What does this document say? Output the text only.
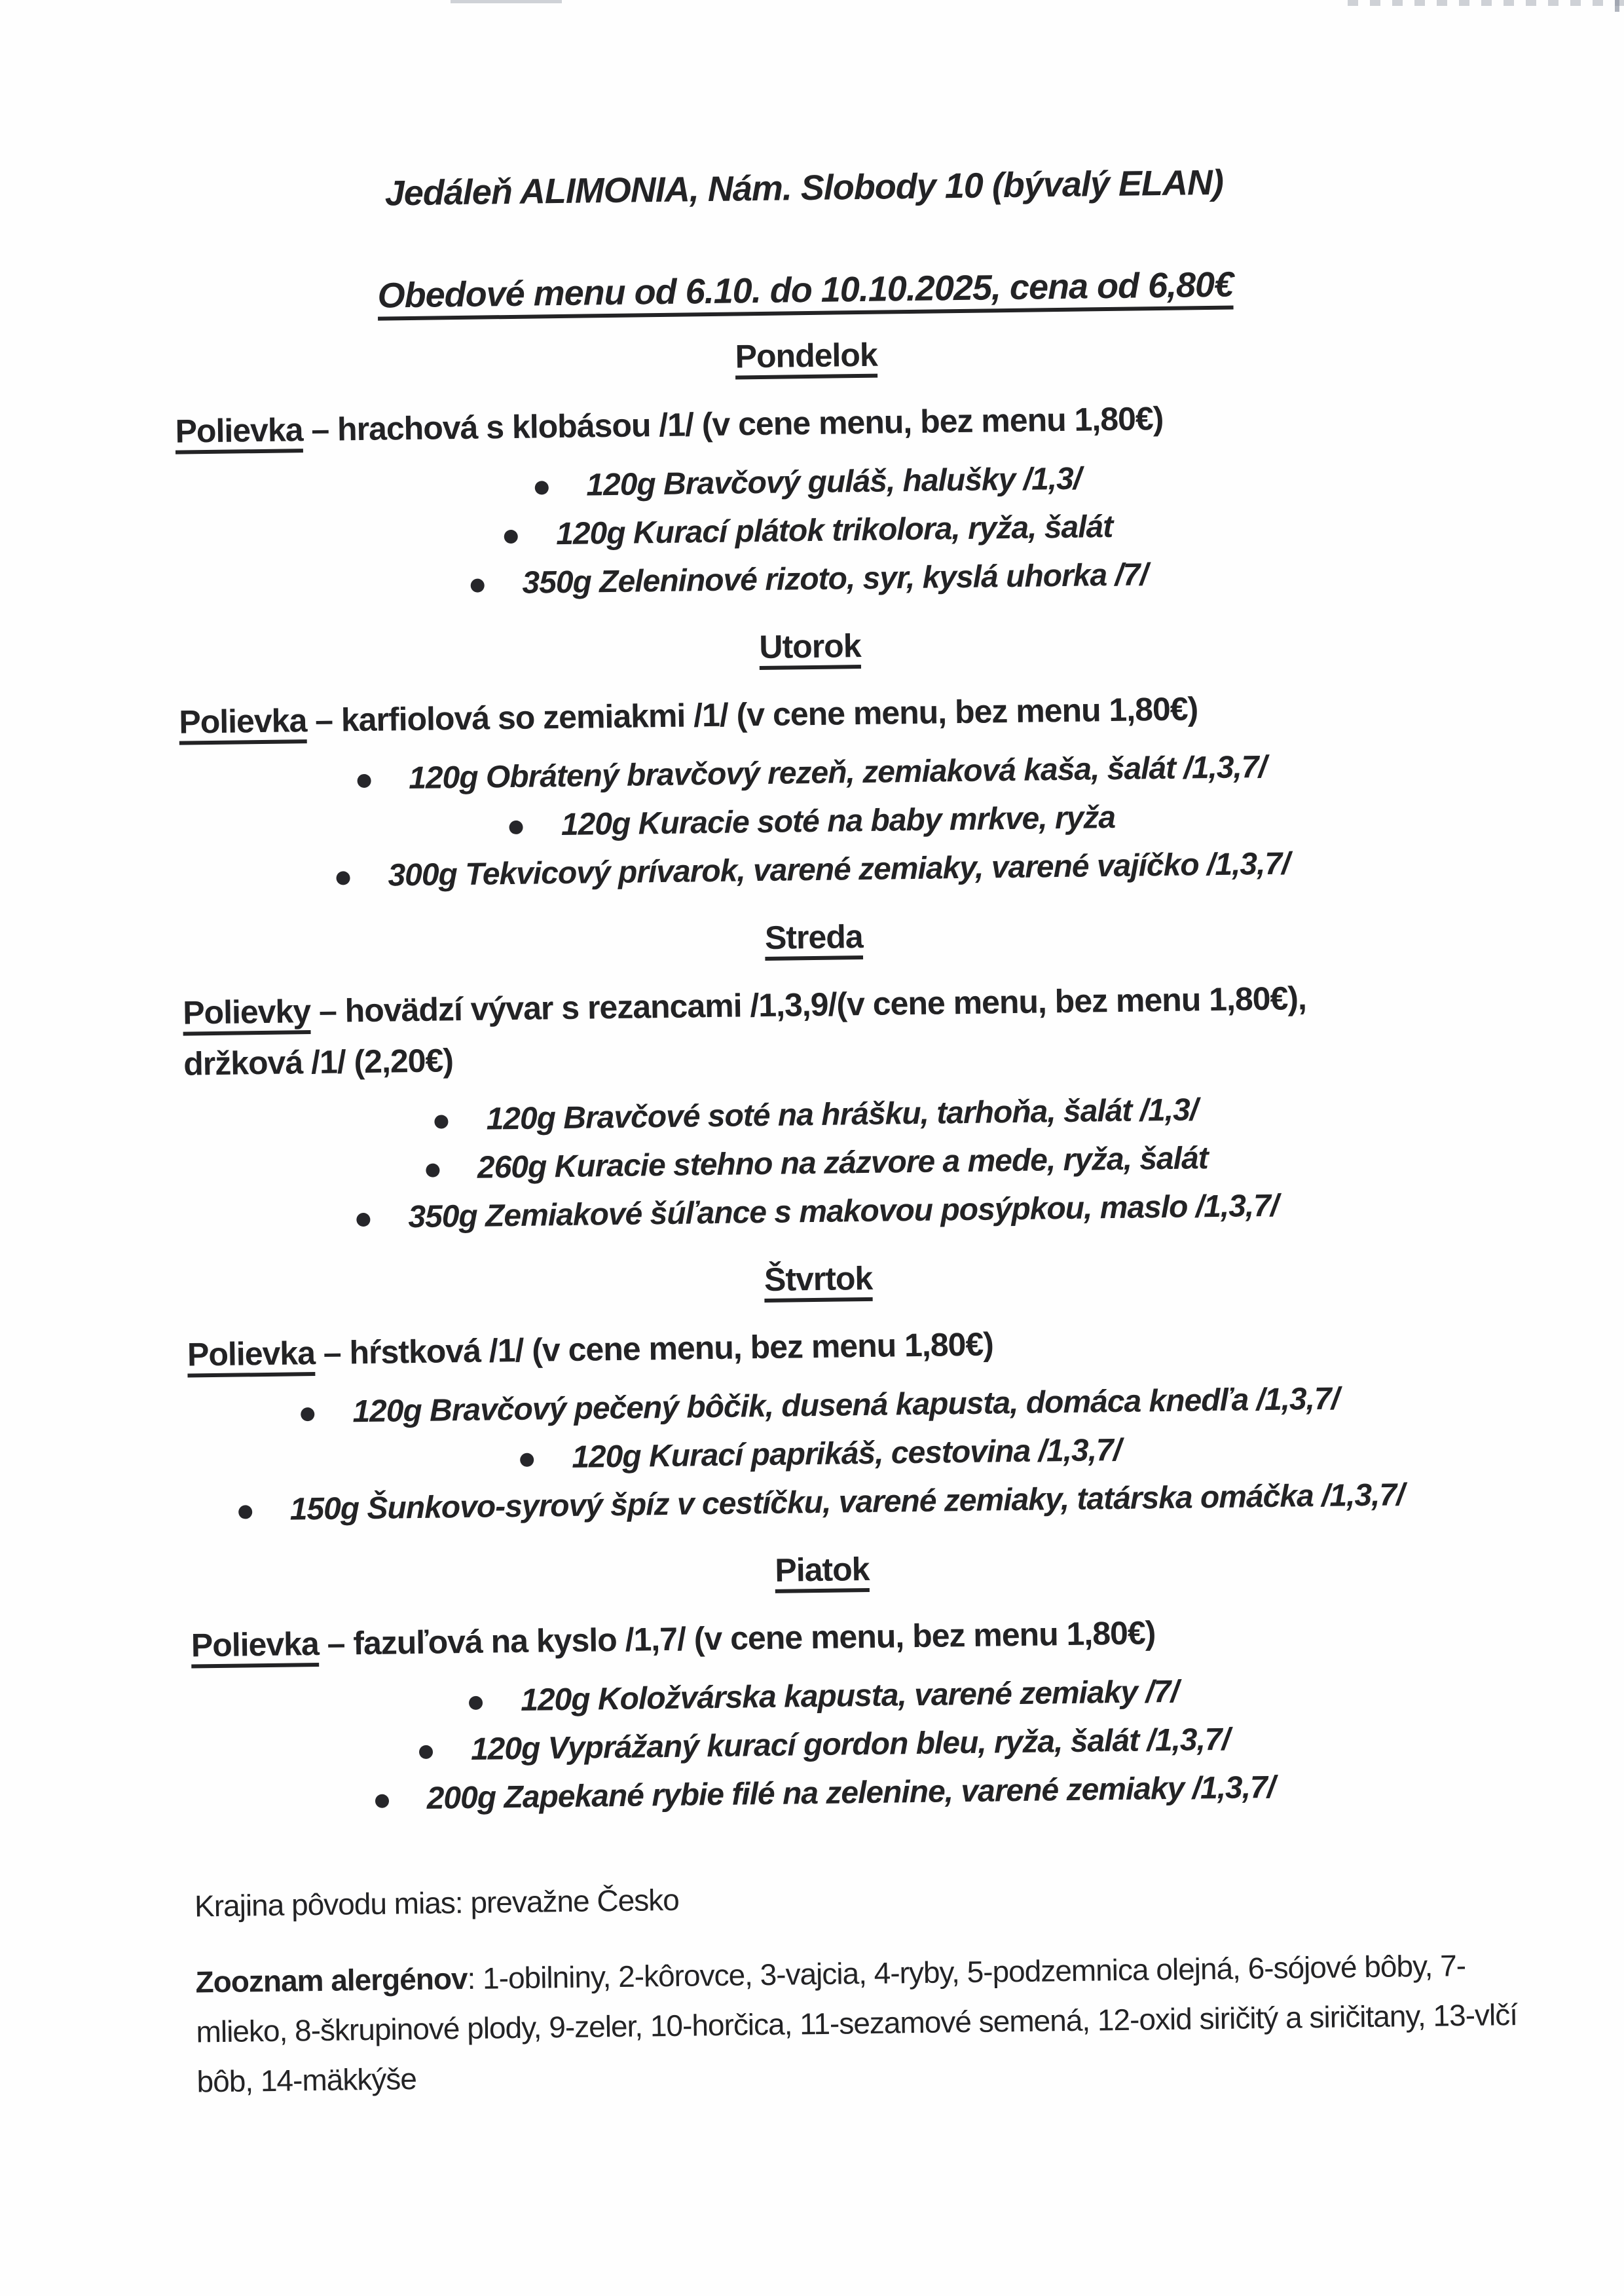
Jedáleň ALIMONIA, Nám. Slobody 10 (bývalý ELAN)

Obedové menu od 6.10. do 10.10.2025, cena od 6,80€

Pondelok

Polievka – hrachová s klobásou /1/ (v cene menu, bez menu 1,80€)

120g Bravčový guláš, halušky /1,3/
120g Kurací plátok trikolora, ryža, šalát
350g Zeleninové rizoto, syr, kyslá uhorka /7/
Utorok

Polievka – karfiolová so zemiakmi /1/ (v cene menu, bez menu 1,80€)

120g Obrátený bravčový rezeň, zemiaková kaša, šalát /1,3,7/
120g Kuracie soté na baby mrkve, ryža
300g Tekvicový prívarok, varené zemiaky, varené vajíčko /1,3,7/
Streda

Polievky – hovädzí vývar s rezancami /1,3,9/(v cene menu, bez menu 1,80€),

držková /1/ (2,20€)

120g Bravčové soté na hrášku, tarhoňa, šalát /1,3/
260g Kuracie stehno na zázvore a mede, ryža, šalát
350g Zemiakové šúľance s makovou posýpkou, maslo /1,3,7/
Štvrtok

Polievka – hŕstková /1/ (v cene menu, bez menu 1,80€)

120g Bravčový pečený bôčik, dusená kapusta, domáca knedľa /1,3,7/
120g Kurací paprikáš, cestovina /1,3,7/
150g Šunkovo-syrový špíz v cestíčku, varené zemiaky, tatárska omáčka /1,3,7/
Piatok

Polievka – fazuľová na kyslo /1,7/ (v cene menu, bez menu 1,80€)

120g Koložvárska kapusta, varené zemiaky /7/
120g Vyprážaný kurací gordon bleu, ryža, šalát /1,3,7/
200g Zapekané rybie filé na zelenine, varené zemiaky /1,3,7/

Krajina pôvodu mias: prevažne Česko

Zooznam alergénov: 1-obilniny, 2-kôrovce, 3-vajcia, 4-ryby, 5-podzemnica olejná, 6-sójové bôby, 7-mlieko, 8-škrupinové plody, 9-zeler, 10-horčica, 11-sezamové semená, 12-oxid siričitý a siričitany, 13-vlčí bôb, 14-mäkkýše
